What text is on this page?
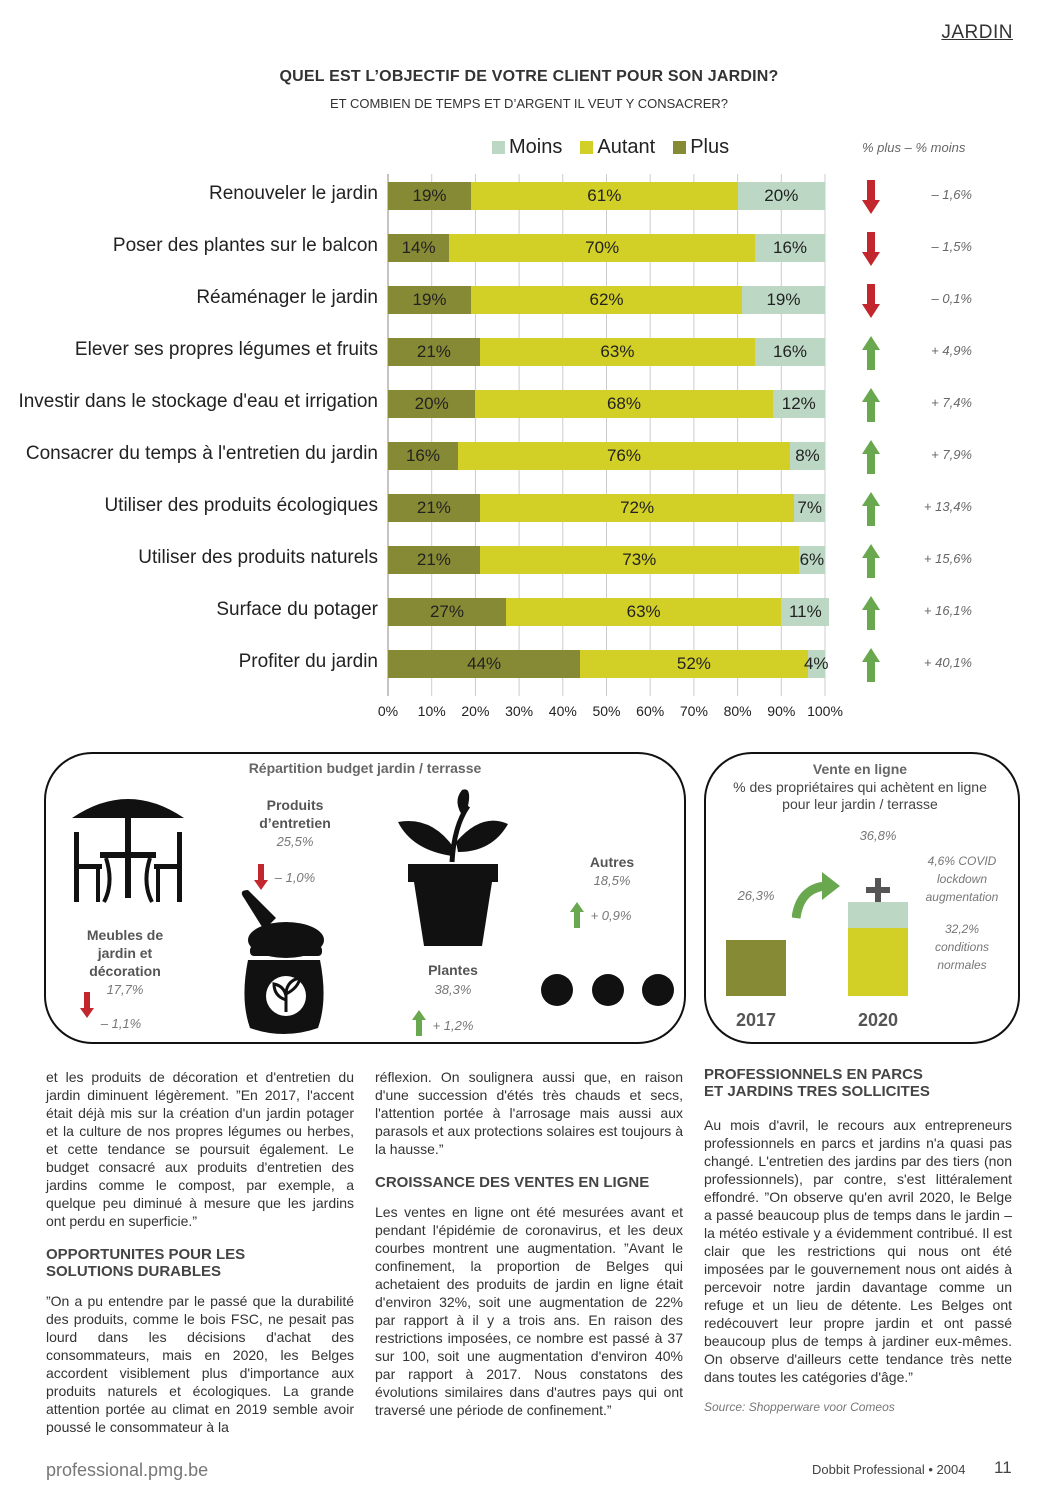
JARDIN
QUEL EST L’OBJECTIF DE VOTRE CLIENT POUR SON JARDIN?
ET COMBIEN DE TEMPS ET D’ARGENT IL VEUT Y CONSACRER?
Moins Autant Plus	% plus – % moins
0% 10% 20% 30% 40% 50% 60% 70% 80% 90% 100%
Renouveler le jardin 19%	61%	20%	– 1,6%
Poser des plantes sur le balcon 14%	70%	16%	– 1,5%
Réaménager le jardin 19%	62%	19%	– 0,1%
Elever ses propres légumes et fruits 21%	63%	16%	+ 4,9%
Investir dans le stockage d'eau et irrigation 20%	68%	12%	+ 7,4%
Consacrer du temps à l'entretien du jardin 16%	76%	8%	+ 7,9%
Utiliser des produits écologiques 21%	72%	7%	+ 13,4%
Utiliser des produits naturels 21%	73%	6%	+ 15,6%
Surface du potager	27%	63%	11%	+ 16,1%
Profiter du jardin	44%	52%	4%	+ 40,1%
Répartition budget jardin / terrasse
Meubles de jardin et décoration
17,7%
– 1,1%
Produits d’entretien
25,5%
– 1,0%
Plantes
38,3%
+ 1,2%
Autres
18,5%
+ 0,9%
Vente en ligne
% des propriétaires qui achètent en ligne pour leur jardin / terrasse
26,3%
36,8%
2017	2020
4,6% COVID lockdown augmentation
32,2% conditions normales

et les produits de décoration et d'entretien du jardin diminuent légèrement. ”En 2017, l'accent était déjà mis sur la création d'un jardin potager et la culture de nos propres légumes ou herbes, et cette tendance se poursuit également. Le budget consacré aux produits d'entretien des jardins comme le compost, par exemple, a quelque peu diminué à mesure que les jardins ont perdu en superficie.”

OPPORTUNITES POUR LES SOLUTIONS DURABLES

”On a pu entendre par le passé que la durabilité des produits, comme le bois FSC, ne pesait pas lourd dans les décisions d'achat des consommateurs, mais en 2020, les Belges accordent visiblement plus d'importance aux produits naturels et écologiques. La grande attention portée au climat en 2019 semble avoir poussé le consommateur à la

réflexion. On soulignera aussi que, en raison d'une succession d'étés très chauds et secs, l'attention portée à l'arrosage mais aussi aux parasols et aux protections solaires est toujours à la hausse.”

CROISSANCE DES VENTES EN LIGNE

Les ventes en ligne ont été mesurées avant et pendant l'épidémie de coronavirus, et les deux courbes montrent une augmentation. ”Avant le confinement, la proportion de Belges qui achetaient des produits de jardin en ligne était d'environ 32%, soit une augmentation de 22% par rapport à il y a trois ans. En raison des restrictions imposées, ce nombre est passé à 37 sur 100, soit une augmentation d'environ 40% par rapport à 2017. Nous constatons des évolutions similaires dans d'autres pays qui ont traversé une période de confinement.”

PROFESSIONNELS EN PARCS ET JARDINS TRES SOLLICITES

Au mois d'avril, le recours aux entrepreneurs professionnels en parcs et jardins n'a quasi pas changé. L'entretien des jardins par des tiers (non professionnels), par contre, s'est littéralement effondré. ”On observe qu'en avril 2020, le Belge a passé beaucoup plus de temps dans le jardin – la météo estivale y a évidemment contribué. Il est clair que les restrictions qui nous ont été imposées par le gouvernement nous ont aidés à percevoir notre jardin davantage comme un refuge et un lieu de détente. Les Belges ont redécouvert leur propre jardin et ont passé beaucoup plus de temps à jardiner eux-mêmes. On observe d'ailleurs cette tendance très nette dans toutes les catégories d'âge.”

Source: Shopperware voor Comeos

professional.pmg.be	Dobbit Professional • 2004 11
